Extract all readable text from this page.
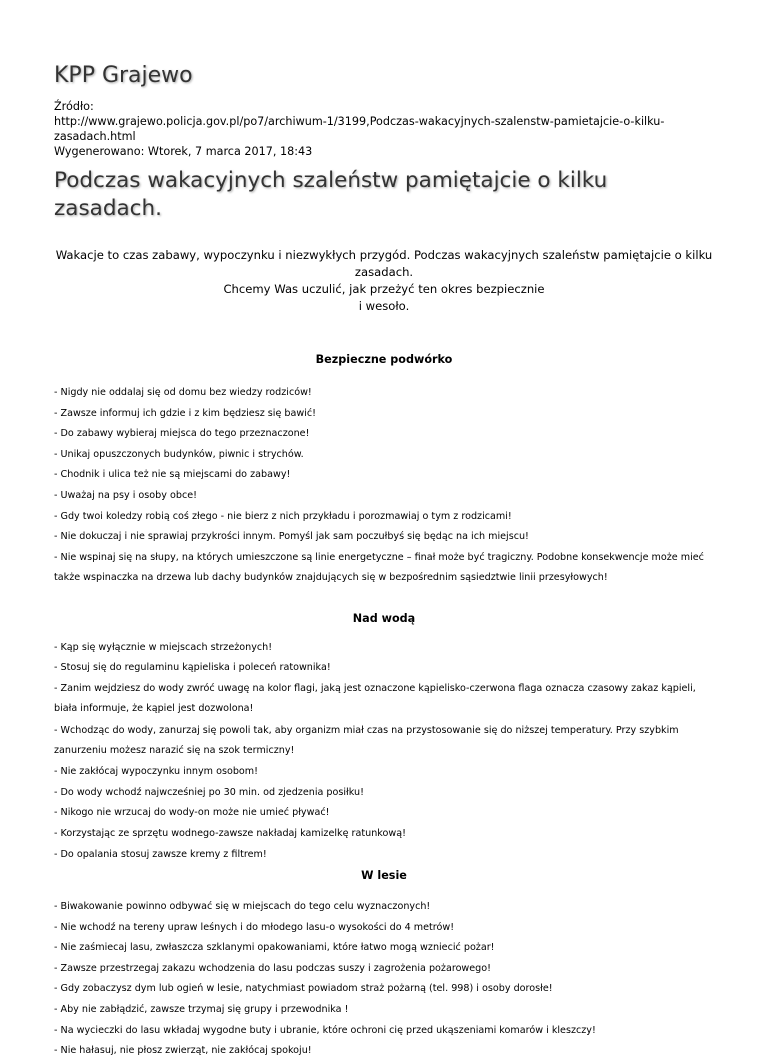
KPP Grajewo
Źródło:
http://www.grajewo.policja.gov.pl/po7/archiwum-1/3199,Podczas-wakacyjnych-szalenstw-pamietajcie-o-kilku-zasadach.html
Wygenerowano: Wtorek, 7 marca 2017, 18:43
Podczas wakacyjnych szaleństw pamiętajcie o kilku zasadach.
Wakacje to czas zabawy, wypoczynku i niezwykłych przygód. Podczas wakacyjnych szaleństw pamiętajcie o kilku zasadach.
Chcemy Was uczulić, jak przeżyć ten okres bezpiecznie
i wesoło.
Bezpieczne podwórko
- Nigdy nie oddalaj się od domu bez wiedzy rodziców!
- Zawsze informuj ich gdzie i z kim będziesz się bawić!
- Do zabawy wybieraj miejsca do tego przeznaczone!
- Unikaj opuszczonych budynków, piwnic i strychów.
- Chodnik i ulica też nie są miejscami do zabawy!
- Uważaj na psy i osoby obce!
- Gdy twoi koledzy robią coś złego - nie bierz z nich przykładu i porozmawiaj o tym z rodzicami!
- Nie dokuczaj i nie sprawiaj przykrości innym. Pomyśl jak sam poczułbyś się będąc na ich miejscu!
- Nie wspinaj się na słupy, na których umieszczone są linie energetyczne – finał może być tragiczny. Podobne konsekwencje może mieć także wspinaczka na drzewa lub dachy budynków znajdujących się w bezpośrednim sąsiedztwie linii przesyłowych!
Nad wodą
- Kąp się wyłącznie w miejscach strzeżonych!
- Stosuj się do regulaminu kąpieliska i poleceń ratownika!
- Zanim wejdziesz do wody zwróć uwagę na kolor flagi, jaką jest oznaczone kąpielisko-czerwona flaga oznacza czasowy zakaz kąpieli, biała informuje, że kąpiel jest dozwolona!
- Wchodząc do wody, zanurzaj się powoli tak, aby organizm miał czas na przystosowanie się do niższej temperatury. Przy szybkim zanurzeniu możesz narazić się na szok termiczny!
- Nie zakłócaj wypoczynku innym osobom!
- Do wody wchodź najwcześniej po 30 min. od zjedzenia posiłku!
- Nikogo nie wrzucaj do wody-on może nie umieć pływać!
- Korzystając ze sprzętu wodnego-zawsze nakładaj kamizelkę ratunkową!
- Do opalania stosuj zawsze kremy z filtrem!
W lesie
- Biwakowanie powinno odbywać się w miejscach do tego celu wyznaczonych!
- Nie wchodź na tereny upraw leśnych i do młodego lasu-o wysokości do 4 metrów!
- Nie zaśmiecaj lasu, zwłaszcza szklanymi opakowaniami, które łatwo mogą wzniecić pożar!
- Zawsze przestrzegaj zakazu wchodzenia do lasu podczas suszy i zagrożenia pożarowego!
- Gdy zobaczysz dym lub ogień w lesie, natychmiast powiadom straż pożarną (tel. 998) i osoby dorosłe!
- Aby nie zabłądzić, zawsze trzymaj się grupy i przewodnika !
- Na wycieczki do lasu wkładaj wygodne buty i ubranie, które ochroni cię przed ukąszeniami komarów i kleszczy!
- Nie hałasuj, nie płosz zwierząt, nie zakłócaj spokoju!
